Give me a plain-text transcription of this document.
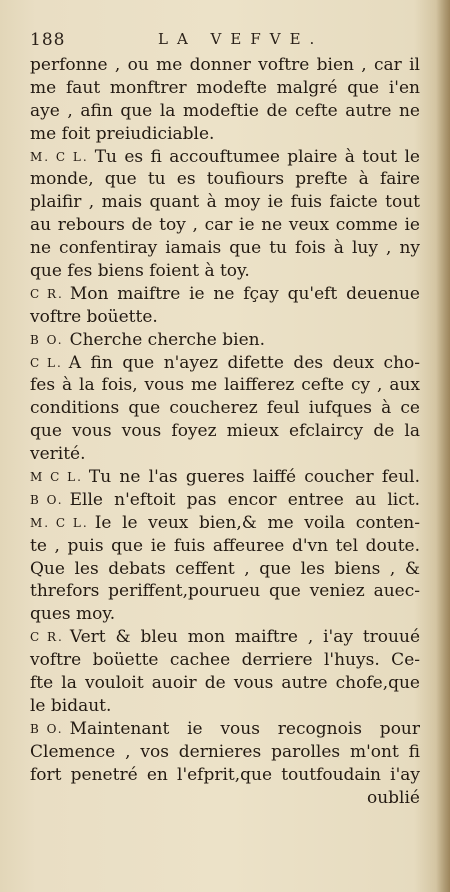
188	LA VEFVE.
perfonne , ou me donner voftre bien , car il
me faut monftrer modefte malgré que i'en
aye , afin que la modeftie de cefte autre ne
me foit preiudiciable.
M. C L. Tu es fi accouftumee plaire à tout le
monde, que tu es toufiours prefte à faire
plaifir , mais quant à moy ie fuis faicte tout
au rebours de toy , car ie ne veux comme ie
ne confentiray iamais que tu fois à luy , ny
que fes biens foient à toy.
C R. Mon maiftre ie ne fçay qu'eft deuenue
voftre boüette.
B O. Cherche cherche bien.
C L. A fin que n'ayez difette des deux cho-
fes à la fois, vous me laifferez cefte cy , aux
conditions que coucherez feul iufques à ce
que vous vous foyez mieux efclaircy de la
verité.
M C L. Tu ne l'as gueres laiffé coucher feul.
B O. Elle n'eftoit pas encor entree au lict.
M. C L. Ie le veux bien,& me voila conten-
te , puis que ie fuis affeuree d'vn tel doute.
Que les debats ceffent , que les biens , &
threfors periffent,pourueu que veniez auec-
ques moy.
C R. Vert & bleu mon maiftre , i'ay trouué
voftre boüette cachee derriere l'huys. Ce-
fte la vouloit auoir de vous autre chofe,que
le bidaut.
B O. Maintenant ie vous recognois pour
Clemence , vos dernieres parolles m'ont fi
fort penetré en l'efprit,que toutfoudain i'ay
oublié
